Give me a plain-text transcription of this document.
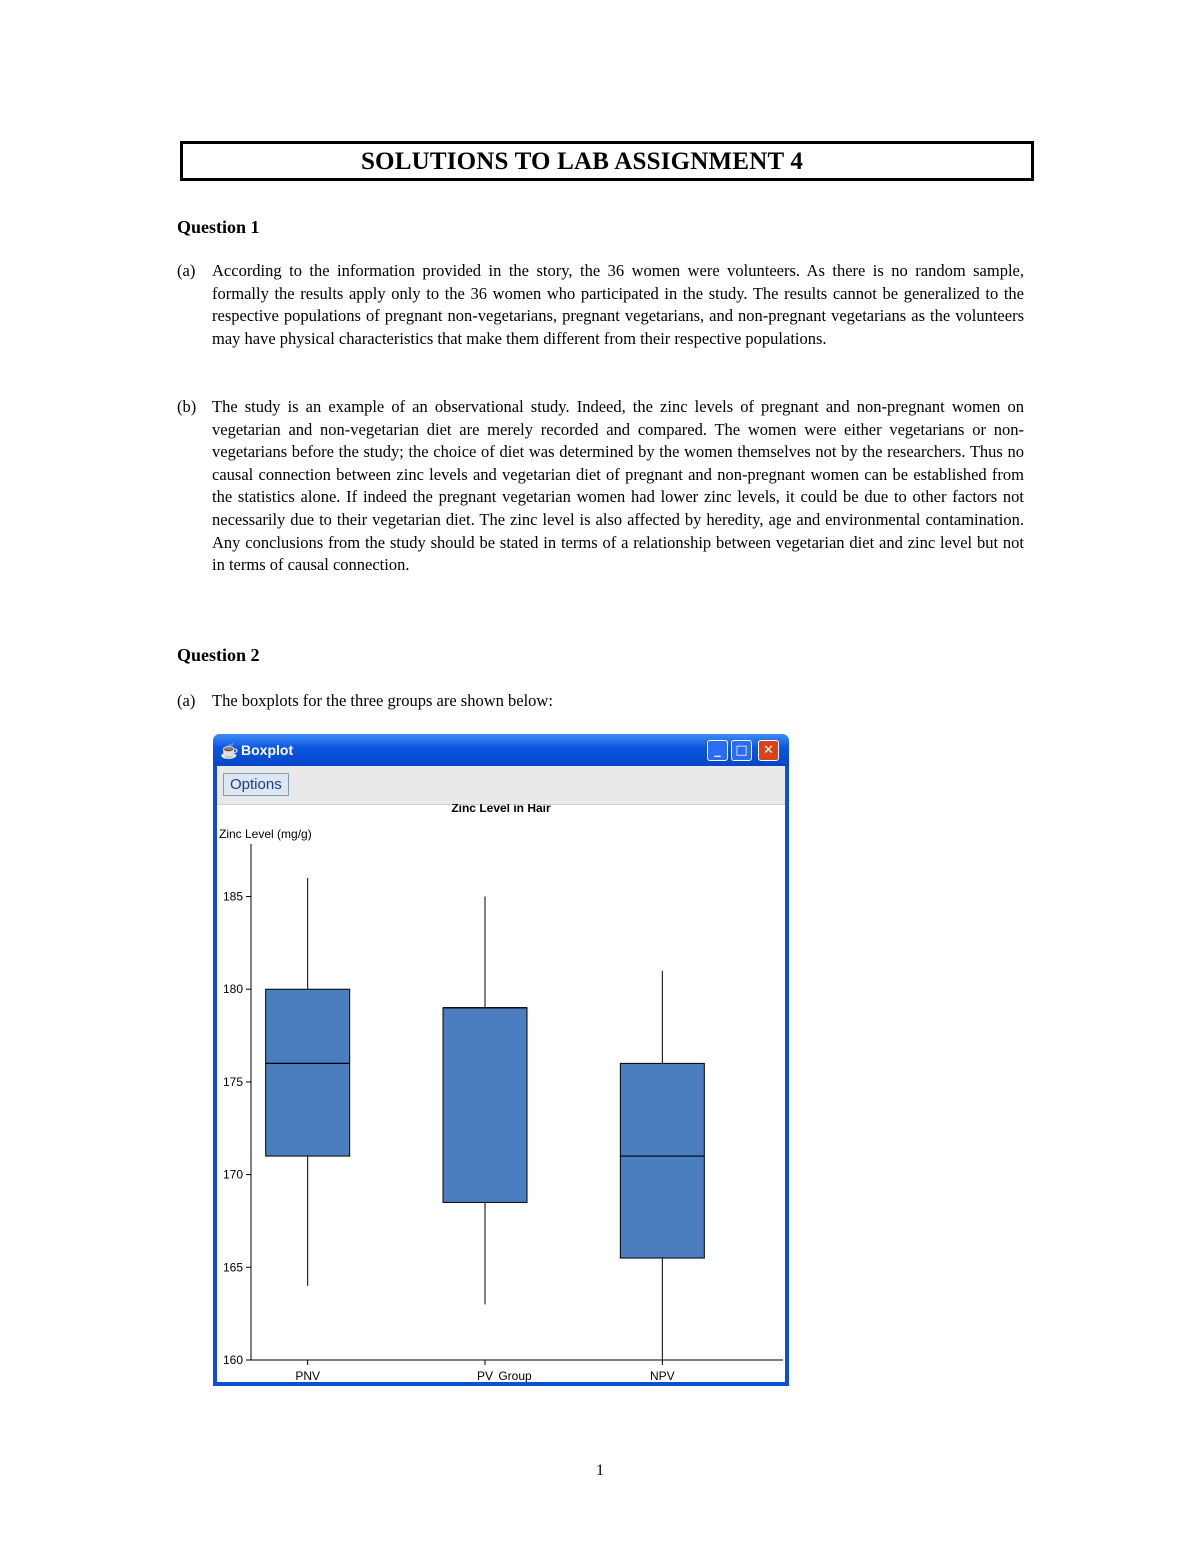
SOLUTIONS TO LAB ASSIGNMENT 4
Question 1
(a) According to the information provided in the story, the 36 women were volunteers. As there is no random sample, formally the results apply only to the 36 women who participated in the study. The results cannot be generalized to the respective populations of pregnant non-vegetarians, pregnant vegetarians, and non-pregnant vegetarians as the volunteers may have physical characteristics that make them different from their respective populations.
(b) The study is an example of an observational study. Indeed, the zinc levels of pregnant and non-pregnant women on vegetarian and non-vegetarian diet are merely recorded and compared. The women were either vegetarians or non-vegetarians before the study; the choice of diet was determined by the women themselves not by the researchers. Thus no causal connection between zinc levels and vegetarian diet of pregnant and non-pregnant women can be established from the statistics alone. If indeed the pregnant vegetarian women had lower zinc levels, it could be due to other factors not necessarily due to their vegetarian diet. The zinc level is also affected by heredity, age and environmental contamination. Any conclusions from the study should be stated in terms of a relationship between vegetarian diet and zinc level but not in terms of causal connection.
Question 2
(a) The boxplots for the three groups are shown below:
☕ Boxplot	_	□	✕
Options
Zinc Level in Hair
Zinc Level (mg/g)
Group
160
165
170
175
180
185
PNV	PV	NPV
1
